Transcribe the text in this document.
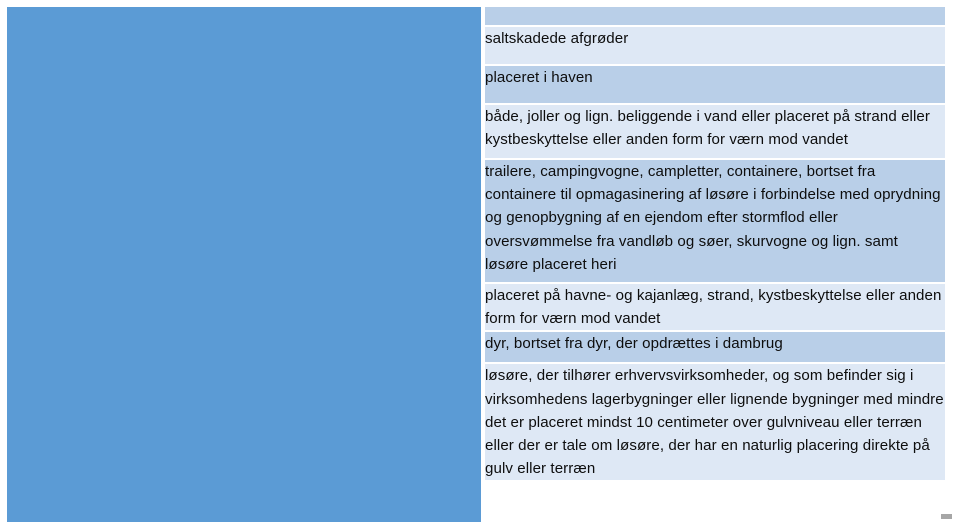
saltskadede afgrøder

placeret i haven

både, joller og lign. beliggende i vand eller placeret på strand eller kystbeskyttelse eller anden form for værn mod vandet

trailere, campingvogne, campletter, containere, bortset fra containere til opmagasinering af løsøre i forbindelse med oprydning og genopbygning af en ejendom efter stormflod eller oversvømmelse fra vandløb og søer, skurvogne og lign. samt løsøre placeret heri

placeret på havne- og kajanlæg, strand, kystbeskyttelse eller anden form for værn mod vandet

dyr, bortset fra dyr, der opdrættes i dambrug

løsøre, der tilhører erhvervsvirksomheder, og som befinder sig i virksomhedens lagerbygninger eller lignende bygninger med mindre det er placeret mindst 10 centimeter over gulvniveau eller terræn eller der er tale om løsøre, der har en naturlig placering direkte på gulv eller terræn
